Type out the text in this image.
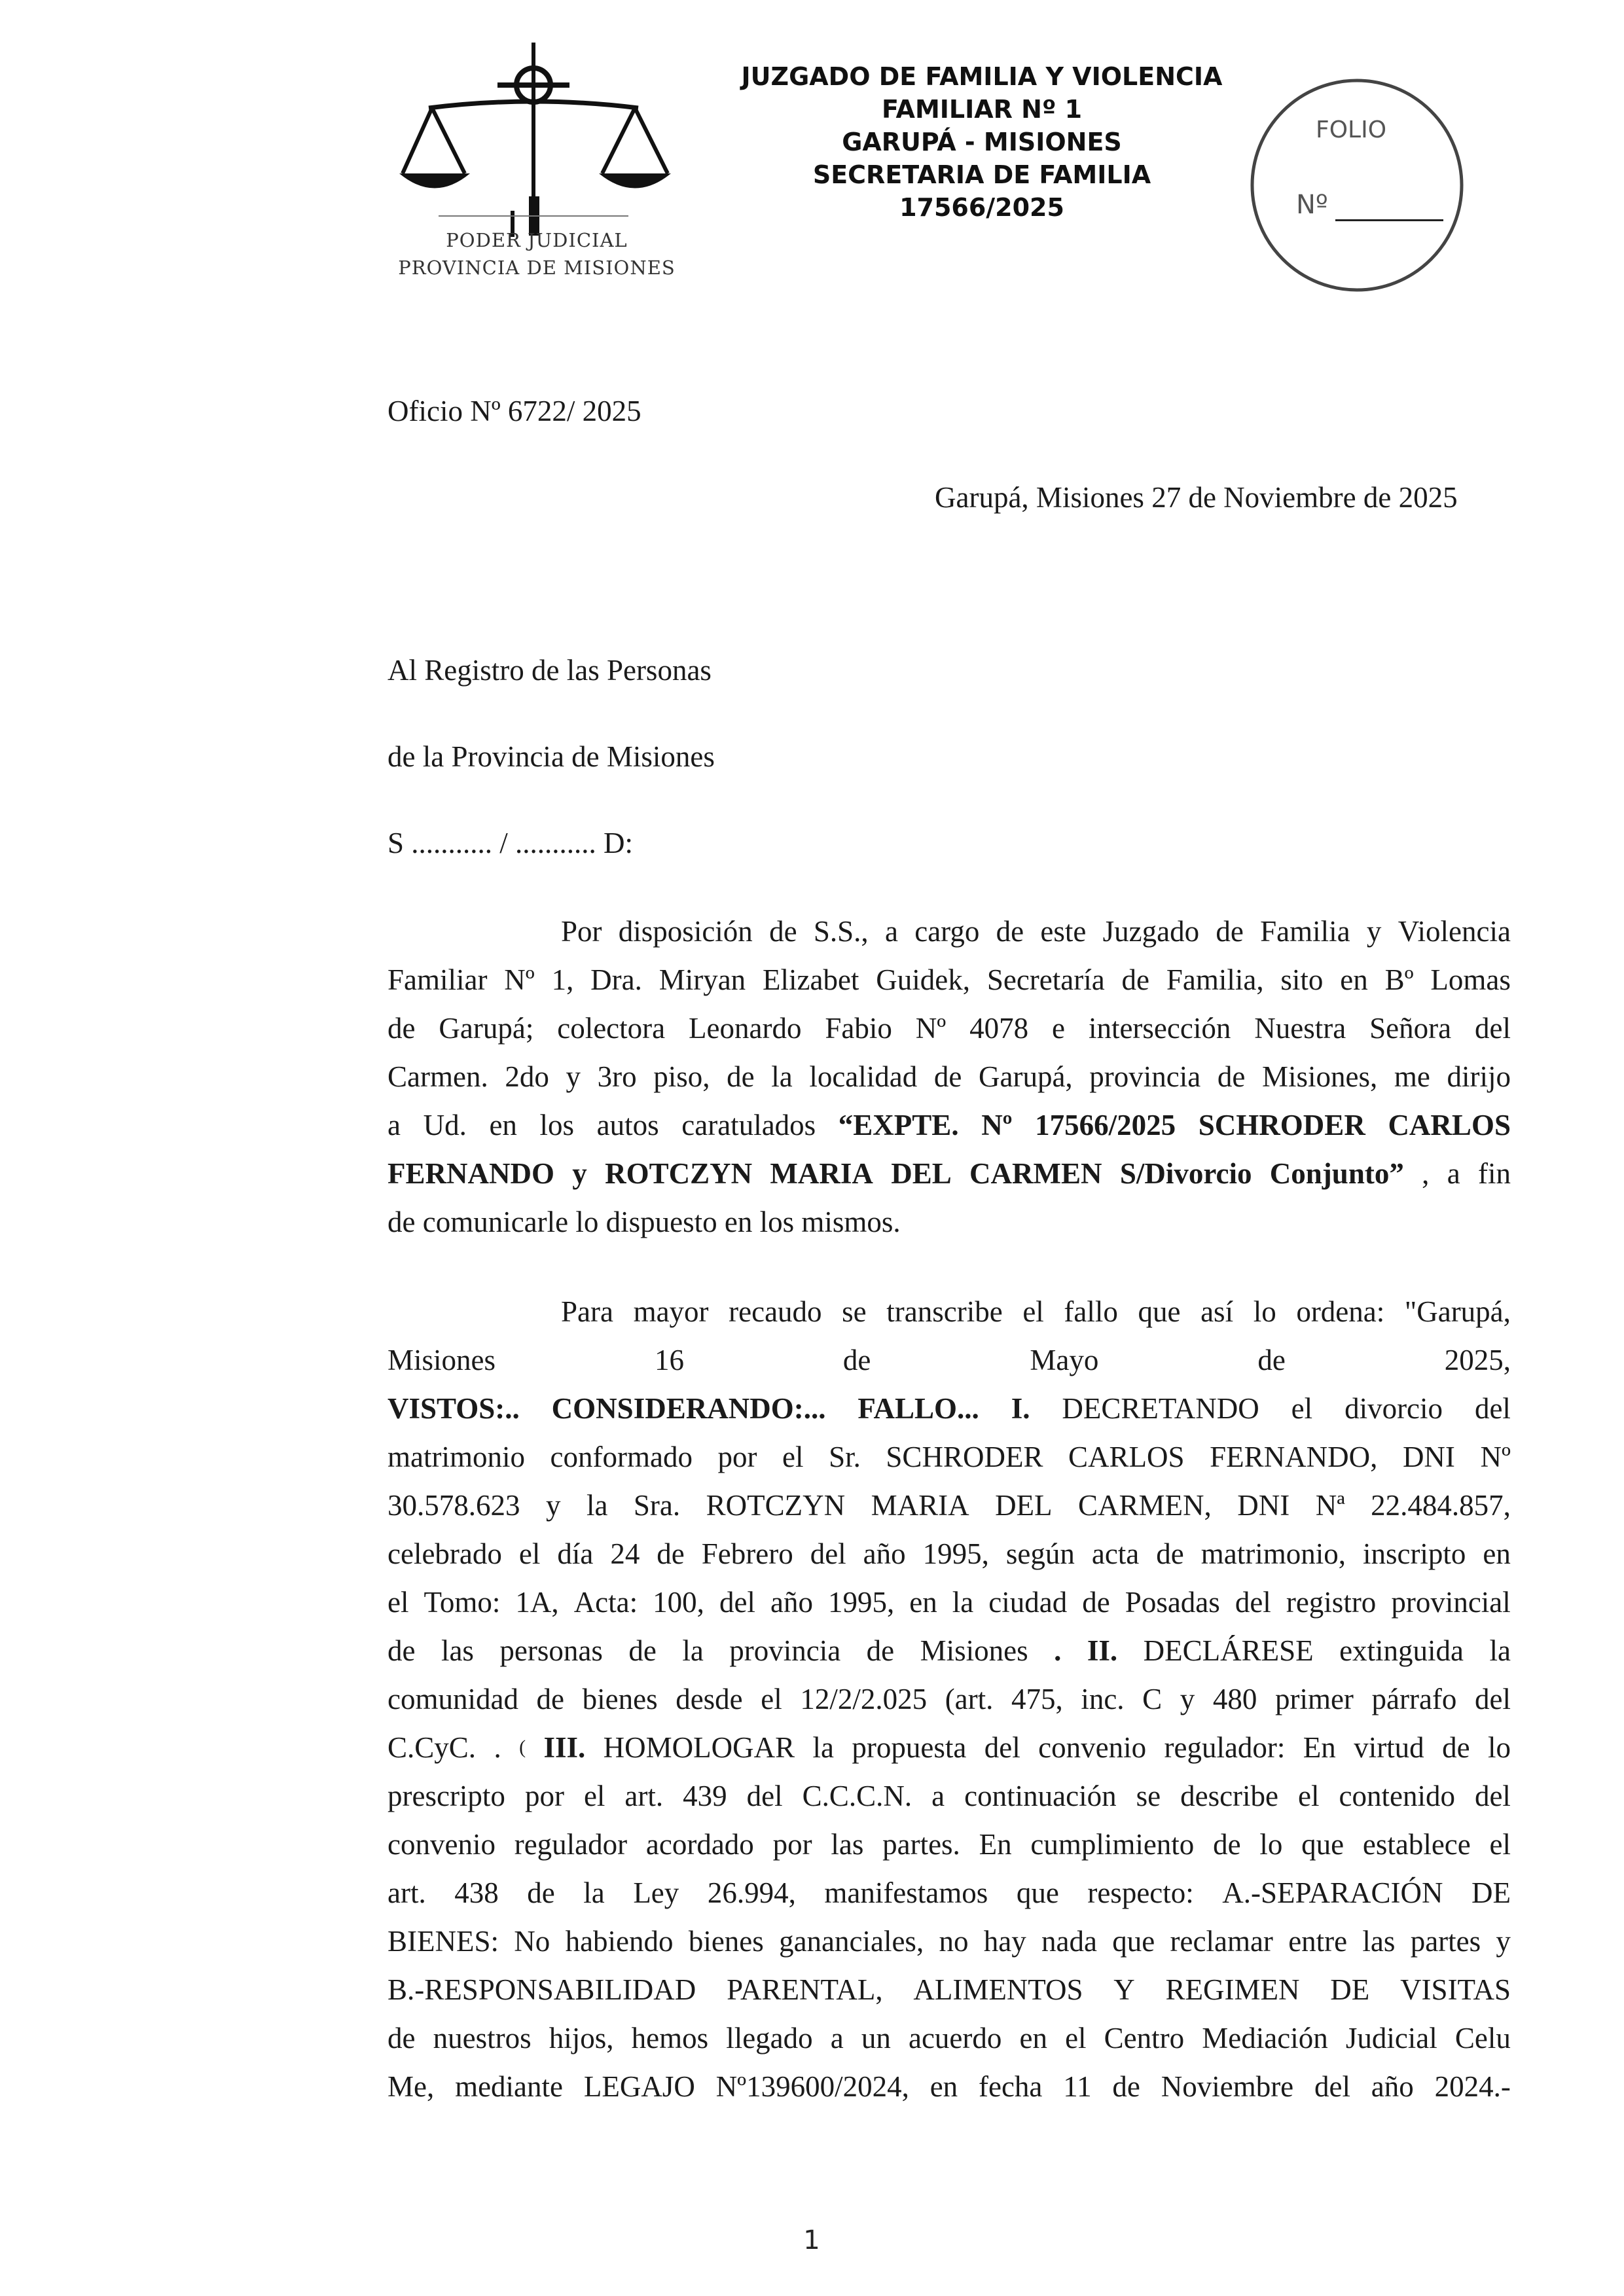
PODER JUDICIAL
PROVINCIA DE MISIONES
JUZGADO DE FAMILIA Y VIOLENCIA
FAMILIAR Nº 1
GARUPÁ - MISIONES
SECRETARIA DE FAMILIA
17566/2025
FOLIO
Nº
Oficio Nº 6722/ 2025
Garupá, Misiones 27 de Noviembre de 2025
Al Registro de las Personas
de la Provincia de Misiones
S ........... / ........... D:
Por disposición de S.S., a cargo de este Juzgado de Familia y Violencia
Familiar Nº 1, Dra. Miryan Elizabet Guidek, Secretaría de Familia, sito en Bº Lomas
de Garupá; colectora Leonardo Fabio Nº 4078 e intersección Nuestra Señora del
Carmen. 2do y 3ro piso, de la localidad de Garupá, provincia de Misiones, me dirijo
a Ud. en los autos caratulados “EXPTE. Nº 17566/2025 SCHRODER CARLOS
FERNANDO y ROTCZYN MARIA DEL CARMEN S/Divorcio Conjunto” , a fin
de comunicarle lo dispuesto en los mismos.
Para mayor recaudo se transcribe el fallo que así lo ordena: "Garupá,
Misiones	16	de	Mayo	de	2025,
VISTOS:.. CONSIDERANDO:... FALLO... I. DECRETANDO el divorcio del
matrimonio conformado por el Sr. SCHRODER CARLOS FERNANDO, DNI Nº
30.578.623 y la Sra. ROTCZYN MARIA DEL CARMEN, DNI Nª 22.484.857,
celebrado el día 24 de Febrero del año 1995, según acta de matrimonio, inscripto en
el Tomo: 1A, Acta: 100, del año 1995, en la ciudad de Posadas del registro provincial
de las personas de la provincia de Misiones . II. DECLÁRESE extinguida la
comunidad de bienes desde el 12/2/2.025 (art. 475, inc. C y 480 primer párrafo del
C.CyC. . ( III. HOMOLOGAR la propuesta del convenio regulador: En virtud de lo
prescripto por el art. 439 del C.C.C.N. a continuación se describe el contenido del
convenio regulador acordado por las partes. En cumplimiento de lo que establece el
art. 438 de la Ley 26.994, manifestamos que respecto: A.-SEPARACIÓN DE
BIENES: No habiendo bienes gananciales, no hay nada que reclamar entre las partes y
B.-RESPONSABILIDAD PARENTAL, ALIMENTOS Y REGIMEN DE VISITAS
de nuestros hijos, hemos llegado a un acuerdo en el Centro Mediación Judicial Celu
Me, mediante LEGAJO Nº139600/2024, en fecha 11 de Noviembre del año 2024.-
1
